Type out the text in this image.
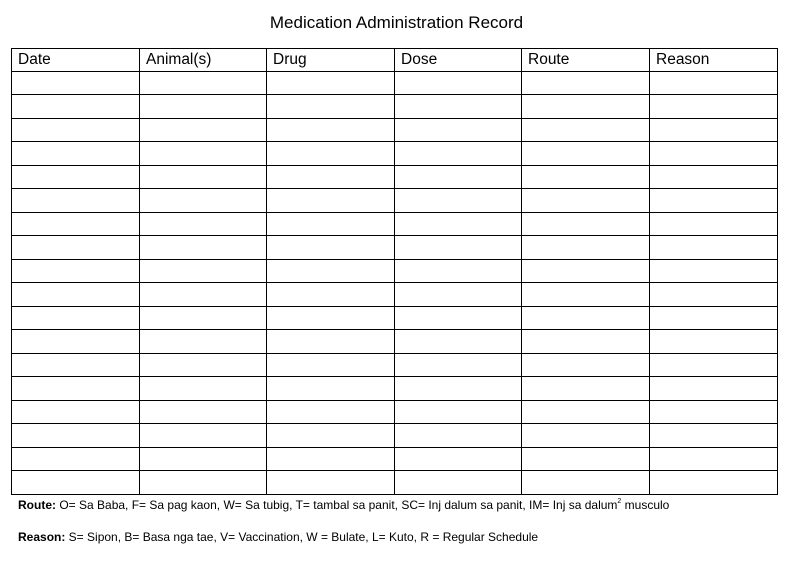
Medication Administration Record
Date	Animal(s)	Drug	Dose	Route	Reason

Route: O= Sa Baba, F= Sa pag kaon, W= Sa tubig, T= tambal sa panit, SC= Inj dalum sa panit, IM= Inj sa dalum$^2$ musculo
Reason: S= Sipon, B= Basa nga tae, V= Vaccination, W = Bulate, L= Kuto, R = Regular Schedule
